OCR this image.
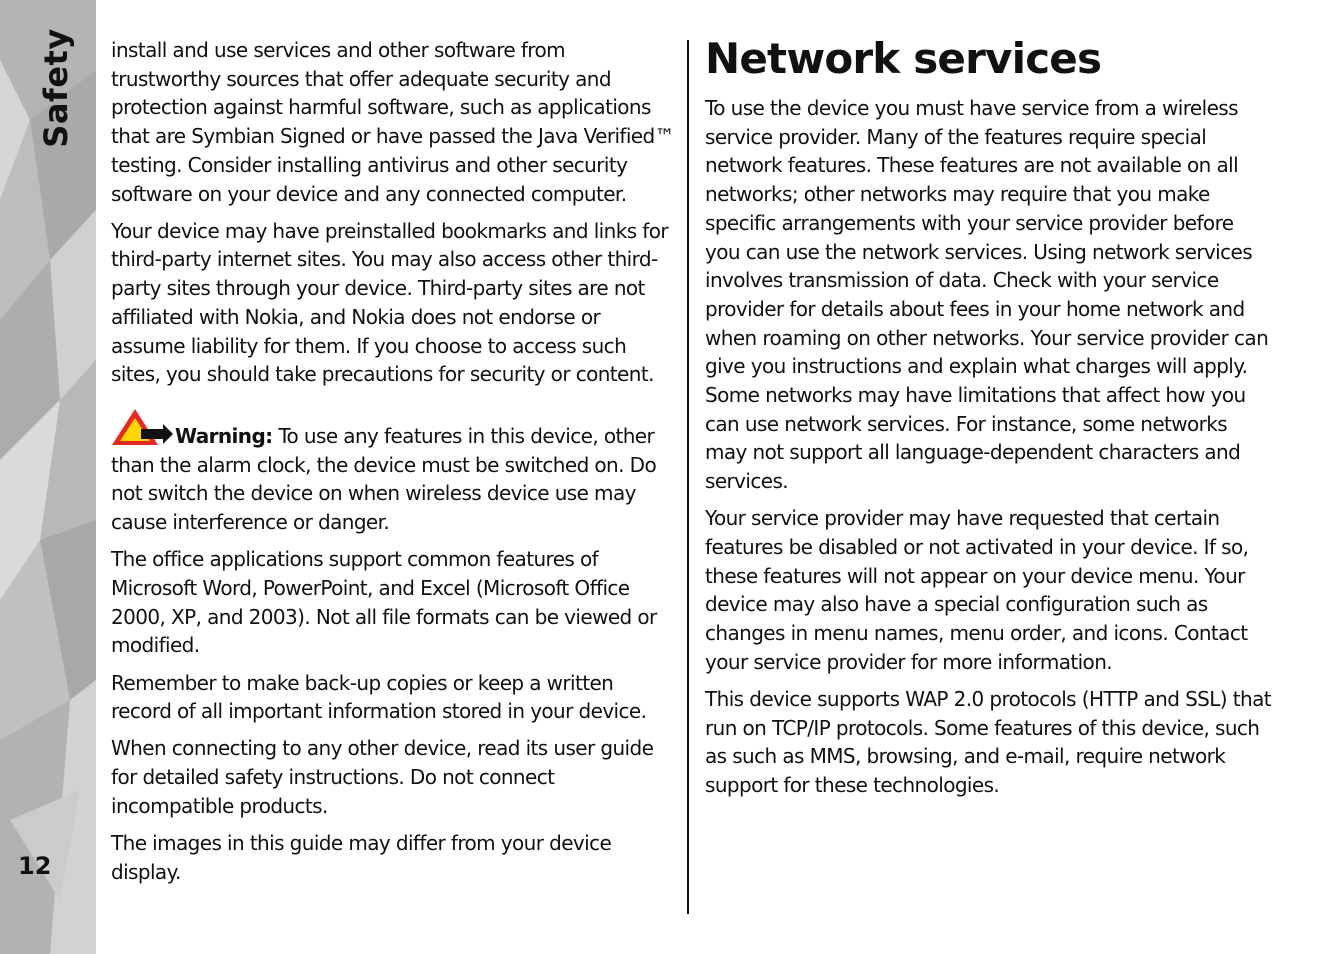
Safety
12

install and use services and other software from trustworthy sources that offer adequate security and protection against harmful software, such as applications that are Symbian Signed or have passed the Java Verified™ testing. Consider installing antivirus and other security software on your device and any connected computer.

Your device may have preinstalled bookmarks and links for third-party internet sites. You may also access other third-party sites through your device. Third-party sites are not affiliated with Nokia, and Nokia does not endorse or assume liability for them. If you choose to access such sites, you should take precautions for security or content.

Warning: To use any features in this device, other than the alarm clock, the device must be switched on. Do not switch the device on when wireless device use may cause interference or danger.

The office applications support common features of Microsoft Word, PowerPoint, and Excel (Microsoft Office 2000, XP, and 2003). Not all file formats can be viewed or modified.

Remember to make back-up copies or keep a written record of all important information stored in your device.

When connecting to any other device, read its user guide for detailed safety instructions. Do not connect incompatible products.

The images in this guide may differ from your device display.

Network services

To use the device you must have service from a wireless service provider. Many of the features require special network features. These features are not available on all networks; other networks may require that you make specific arrangements with your service provider before you can use the network services. Using network services involves transmission of data. Check with your service provider for details about fees in your home network and when roaming on other networks. Your service provider can give you instructions and explain what charges will apply. Some networks may have limitations that affect how you can use network services. For instance, some networks may not support all language-dependent characters and services.

Your service provider may have requested that certain features be disabled or not activated in your device. If so, these features will not appear on your device menu. Your device may also have a special configuration such as changes in menu names, menu order, and icons. Contact your service provider for more information.

This device supports WAP 2.0 protocols (HTTP and SSL) that run on TCP/IP protocols. Some features of this device, such as such as MMS, browsing, and e-mail, require network support for these technologies.
